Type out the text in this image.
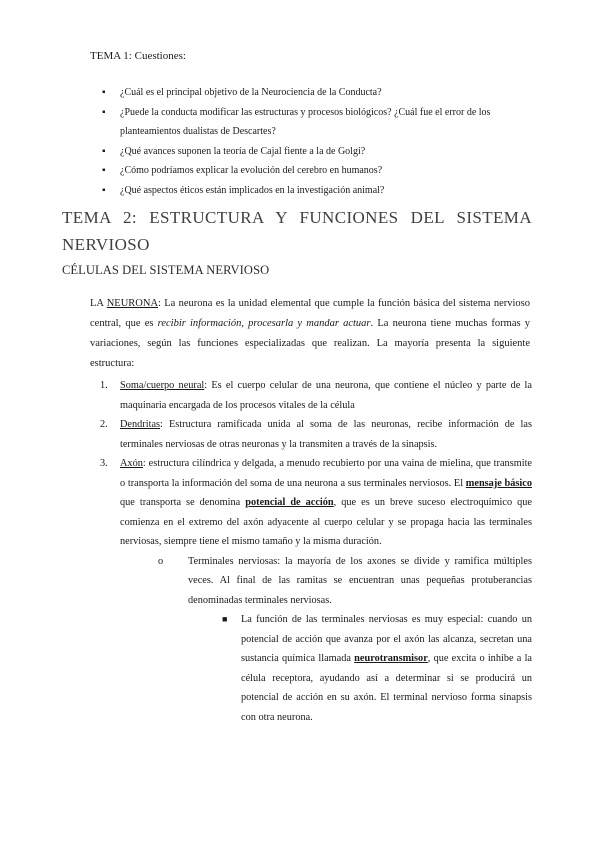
TEMA 1: Cuestiones:
▪ ¿Cuál es el principal objetivo de la Neurociencia de la Conducta?
▪ ¿Puede la conducta modificar las estructuras y procesos biológicos? ¿Cuál fue el error de los planteamientos dualistas de Descartes?
▪ ¿Qué avances suponen la teoría de Cajal fiente a la de Golgi?
▪ ¿Cómo podríamos explicar la evolución del cerebro en humanos?
▪ ¿Qué aspectos éticos están implicados en la investigación animal?
TEMA 2: ESTRUCTURA Y FUNCIONES DEL SISTEMA NERVIOSO
CÉLULAS DEL SISTEMA NERVIOSO

LA NEURONA: La neurona es la unidad elemental que cumple la función básica del sistema nervioso central, que es recibir información, procesarla y mandar actuar. La neurona tiene muchas formas y variaciones, según las funciones especializadas que realizan. La mayoría presenta la siguiente estructura:

1. Soma/cuerpo neural: Es el cuerpo celular de una neurona, que contiene el núcleo y parte de la maquinaria encargada de los procesos vitales de la célula
2. Dendritas: Estructura ramificada unida al soma de las neuronas, recibe información de las terminales nerviosas de otras neuronas y la transmiten a través de la sinapsis.
3. Axón: estructura cilíndrica y delgada, a menudo recubierto por una vaina de mielina, que transmite o transporta la información del soma de una neurona a sus terminales nerviosos. El mensaje básico que transporta se denomina potencial de acción, que es un breve suceso electroquímico que comienza en el extremo del axón adyacente al cuerpo celular y se propaga hacia las terminales nerviosas, siempre tiene el mismo tamaño y la misma duración.
o Terminales nerviosas: la mayoría de los axones se divide y ramifica múltiples veces. Al final de las ramitas se encuentran unas pequeñas protuberancias denominadas terminales nerviosas.
■ La función de las terminales nerviosas es muy especial: cuando un potencial de acción que avanza por el axón las alcanza, secretan una sustancia química llamada neurotransmisor, que excita o inhibe a la célula receptora, ayudando así a determinar si se producirá un potencial de acción en su axón. El terminal nervioso forma sinapsis con otra neurona.
